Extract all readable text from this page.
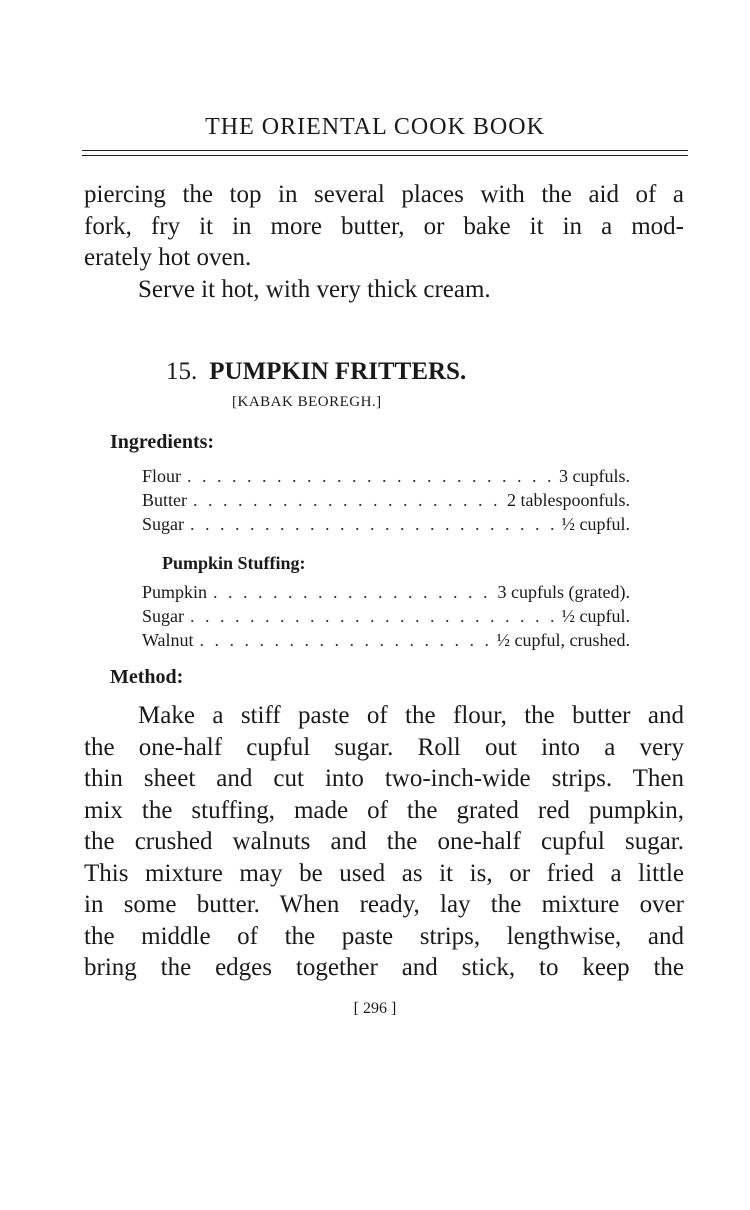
THE ORIENTAL COOK BOOK
piercing the top in several places with the aid of a
fork, fry it in more butter, or bake it in a mod-
erately hot oven.
Serve it hot, with very thick cream.
15. PUMPKIN FRITTERS.
[KABAK BEOREGH.]
Ingredients:
Flour . . .	3 cupfuls.
Butter . . .	2 tablespoonfuls.
Sugar . . .	½ cupful.
Pumpkin Stuffing:
Pumpkin . . .	3 cupfuls (grated).
Sugar . . .	½ cupful.
Walnut . . .	½ cupful, crushed.
Method:
Make a stiff paste of the flour, the butter and
the one-half cupful sugar. Roll out into a very
thin sheet and cut into two-inch-wide strips. Then
mix the stuffing, made of the grated red pumpkin,
the crushed walnuts and the one-half cupful sugar.
This mixture may be used as it is, or fried a little
in some butter. When ready, lay the mixture over
the middle of the paste strips, lengthwise, and
bring the edges together and stick, to keep the
[ 296 ]
